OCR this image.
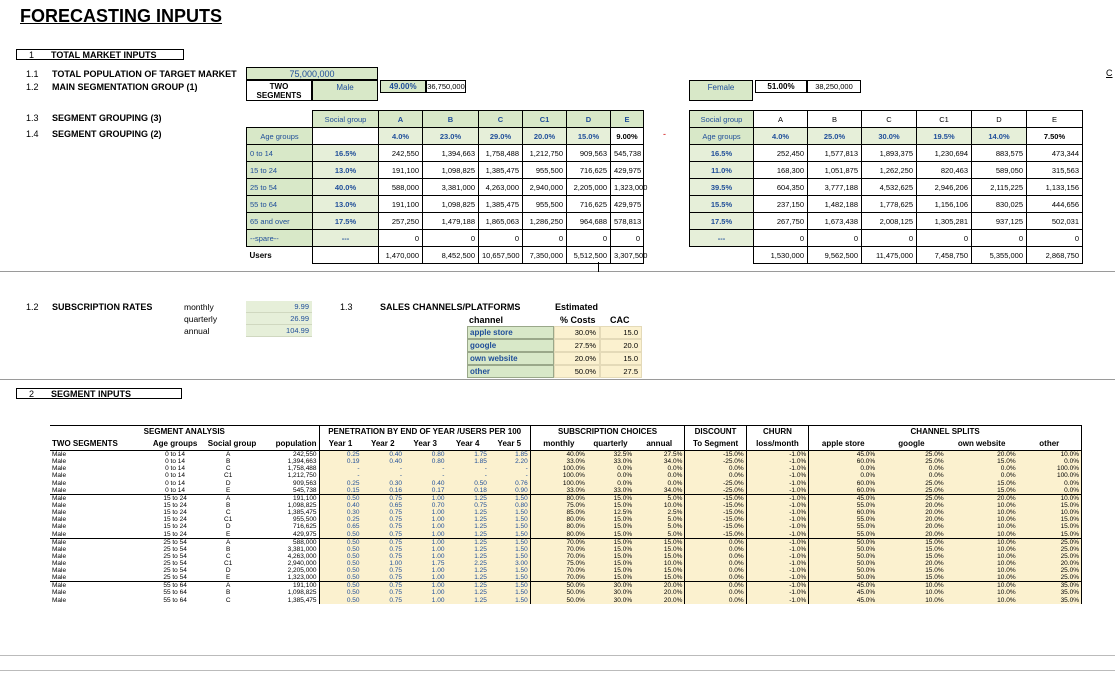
FORECASTING INPUTS
1 TOTAL MARKET INPUTS
1.1 TOTAL POPULATION OF TARGET MARKET	75,000,000
1.2 MAIN SEGMENTATION GROUP (1)	TWO SEGMENTS
Male	49.00%	36,750,000	Female	51.00%	38,250,000
C
1.3 SEGMENT GROUPING (3)
1.4 SEGMENT GROUPING (2)
	Social group	A	B	C	C1	D	E
Age groups		4.0%	23.0%	29.0%	20.0%	15.0%	9.00%
0 to 14	16.5%	242,550	1,394,663	1,758,488	1,212,750	909,563	545,738
15 to 24	13.0%	191,100	1,098,825	1,385,475	955,500	716,625	429,975
25 to 54	40.0%	588,000	3,381,000	4,263,000	2,940,000	2,205,000	1,323,000
55 to 64	13.0%	191,100	1,098,825	1,385,475	955,500	716,625	429,975
65 and over	17.5%	257,250	1,479,188	1,865,063	1,286,250	964,688	578,813
--spare--	---	0	0	0	0	0	0
Users		1,470,000	8,452,500	10,657,500	7,350,000	5,512,500	3,307,500
-
Social group	A	B	C	C1	D	E
Age groups	4.0%	25.0%	30.0%	19.5%	14.0%	7.50%
16.5%	252,450	1,577,813	1,893,375	1,230,694	883,575	473,344
11.0%	168,300	1,051,875	1,262,250	820,463	589,050	315,563
39.5%	604,350	3,777,188	4,532,625	2,946,206	2,115,225	1,133,156
15.5%	237,150	1,482,188	1,778,625	1,156,106	830,025	444,656
17.5%	267,750	1,673,438	2,008,125	1,305,281	937,125	502,031
---	0	0	0	0	0	0
	1,530,000	9,562,500	11,475,000	7,458,750	5,355,000	2,868,750
1.2 SUBSCRIPTION RATES	monthly	9.99
quarterly	26.99
annual	104.99
1.3	SALES CHANNELS/PLATFORMS	Estimated
channel	% Costs CAC
apple store	30.0%	15.0
google	27.5%	20.0
own website	20.0%	15.0
other	50.0%	27.5
2 SEGMENT INPUTS
SEGMENT ANALYSIS				PENETRATION BY END OF YEAR /USERS PER 100					SUBSCRIPTION CHOICES			DISCOUNT	CHURN	CHANNEL SPLITS			
TWO SEGMENTS	Age groups	Social group	population	Year 1	Year 2	Year 3	Year 4	Year 5	monthly	quarterly	annual	To Segment	loss/month	apple store	google	own website	other
Male	0 to 14	A	242,550	0.25	0.40	0.80	1.75	1.85	40.0%	32.5%	27.5%	-15.0%	-1.0%	45.0%	25.0%	20.0%	10.0%
Male	0 to 14	B	1,394,663	0.19	0.40	0.80	1.85	2.20	33.0%	33.0%	34.0%	-25.0%	-1.0%	60.0%	25.0%	15.0%	0.0%
Male	0 to 14	C	1,758,488	-	-	-	-	-	100.0%	0.0%	0.0%	0.0%	-1.0%	0.0%	0.0%	0.0%	100.0%
Male	0 to 14	C1	1,212,750	-	-	-	-	-	100.0%	0.0%	0.0%	0.0%	-1.0%	0.0%	0.0%	0.0%	100.0%
Male	0 to 14	D	909,563	0.25	0.30	0.40	0.50	0.76	100.0%	0.0%	0.0%	-25.0%	-1.0%	60.0%	25.0%	15.0%	0.0%
Male	0 to 14	E	545,738	0.15	0.16	0.17	0.18	0.90	33.0%	33.0%	34.0%	-25.0%	-1.0%	60.0%	25.0%	15.0%	0.0%
Male	15 to 24	A	191,100	0.50	0.75	1.00	1.25	1.50	80.0%	15.0%	5.0%	-15.0%	-1.0%	45.0%	25.0%	20.0%	10.0%
Male	15 to 24	B	1,098,825	0.40	0.65	0.70	0.75	0.80	75.0%	15.0%	10.0%	-15.0%	-1.0%	55.0%	20.0%	10.0%	15.0%
Male	15 to 24	C	1,385,475	0.30	0.75	1.00	1.25	1.50	85.0%	12.5%	2.5%	-15.0%	-1.0%	60.0%	20.0%	10.0%	10.0%
Male	15 to 24	C1	955,500	0.25	0.75	1.00	1.25	1.50	80.0%	15.0%	5.0%	-15.0%	-1.0%	55.0%	20.0%	10.0%	15.0%
Male	15 to 24	D	716,625	0.65	0.75	1.00	1.25	1.50	80.0%	15.0%	5.0%	-15.0%	-1.0%	55.0%	20.0%	10.0%	15.0%
Male	15 to 24	E	429,975	0.50	0.75	1.00	1.25	1.50	80.0%	15.0%	5.0%	-15.0%	-1.0%	55.0%	20.0%	10.0%	15.0%
Male	25 to 54	A	588,000	0.50	0.75	1.00	1.25	1.50	70.0%	15.0%	15.0%	0.0%	-1.0%	50.0%	15.0%	10.0%	25.0%
Male	25 to 54	B	3,381,000	0.50	0.75	1.00	1.25	1.50	70.0%	15.0%	15.0%	0.0%	-1.0%	50.0%	15.0%	10.0%	25.0%
Male	25 to 54	C	4,263,000	0.50	0.75	1.00	1.25	1.50	70.0%	15.0%	15.0%	0.0%	-1.0%	50.0%	15.0%	10.0%	25.0%
Male	25 to 54	C1	2,940,000	0.50	1.00	1.75	2.25	3.00	75.0%	15.0%	10.0%	0.0%	-1.0%	50.0%	20.0%	10.0%	20.0%
Male	25 to 54	D	2,205,000	0.50	0.75	1.00	1.25	1.50	70.0%	15.0%	15.0%	0.0%	-1.0%	50.0%	15.0%	10.0%	25.0%
Male	25 to 54	E	1,323,000	0.50	0.75	1.00	1.25	1.50	70.0%	15.0%	15.0%	0.0%	-1.0%	50.0%	15.0%	10.0%	25.0%
Male	55 to 64	A	191,100	0.50	0.75	1.00	1.25	1.50	50.0%	30.0%	20.0%	0.0%	-1.0%	45.0%	10.0%	10.0%	35.0%
Male	55 to 64	B	1,098,825	0.50	0.75	1.00	1.25	1.50	50.0%	30.0%	20.0%	0.0%	-1.0%	45.0%	10.0%	10.0%	35.0%
Male	55 to 64	C	1,385,475	0.50	0.75	1.00	1.25	1.50	50.0%	30.0%	20.0%	0.0%	-1.0%	45.0%	10.0%	10.0%	35.0%
